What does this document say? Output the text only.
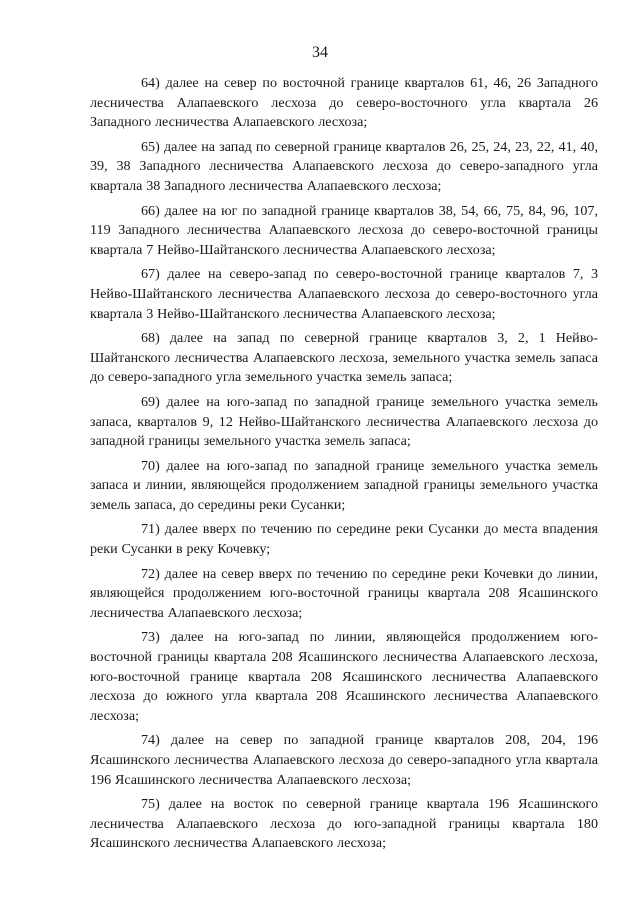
34

64) далее на север по восточной границе кварталов 61, 46, 26 Западного лесничества Алапаевского лесхоза до северо-восточного угла квартала 26 Западного лесничества Алапаевского лесхоза;

65) далее на запад по северной границе кварталов 26, 25, 24, 23, 22, 41, 40, 39, 38 Западного лесничества Алапаевского лесхоза до северо-западного угла квартала 38 Западного лесничества Алапаевского лесхоза;

66) далее на юг по западной границе кварталов 38, 54, 66, 75, 84, 96, 107, 119 Западного лесничества Алапаевского лесхоза до северо-восточной границы квартала 7 Нейво-Шайтанского лесничества Алапаевского лесхоза;

67) далее на северо-запад по северо-восточной границе кварталов 7, 3 Нейво-Шайтанского лесничества Алапаевского лесхоза до северо-восточного угла квартала 3 Нейво-Шайтанского лесничества Алапаевского лесхоза;

68) далее на запад по северной границе кварталов 3, 2, 1 Нейво-Шайтанского лесничества Алапаевского лесхоза, земельного участка земель запаса до северо-западного угла земельного участка земель запаса;

69) далее на юго-запад по западной границе земельного участка земель запаса, кварталов 9, 12 Нейво-Шайтанского лесничества Алапаевского лесхоза до западной границы земельного участка земель запаса;

70) далее на юго-запад по западной границе земельного участка земель запаса и линии, являющейся продолжением западной границы земельного участка земель запаса, до середины реки Сусанки;

71) далее вверх по течению по середине реки Сусанки до места впадения реки Сусанки в реку Кочевку;

72) далее на север вверх по течению по середине реки Кочевки до линии, являющейся продолжением юго-восточной границы квартала 208 Ясашинского лесничества Алапаевского лесхоза;

73) далее на юго-запад по линии, являющейся продолжением юго-восточной границы квартала 208 Ясашинского лесничества Алапаевского лесхоза, юго-восточной границе квартала 208 Ясашинского лесничества Алапаевского лесхоза до южного угла квартала 208 Ясашинского лесничества Алапаевского лесхоза;

74) далее на север по западной границе кварталов 208, 204, 196 Ясашинского лесничества Алапаевского лесхоза до северо-западного угла квартала 196 Ясашинского лесничества Алапаевского лесхоза;

75) далее на восток по северной границе квартала 196 Ясашинского лесничества Алапаевского лесхоза до юго-западной границы квартала 180 Ясашинского лесничества Алапаевского лесхоза;
